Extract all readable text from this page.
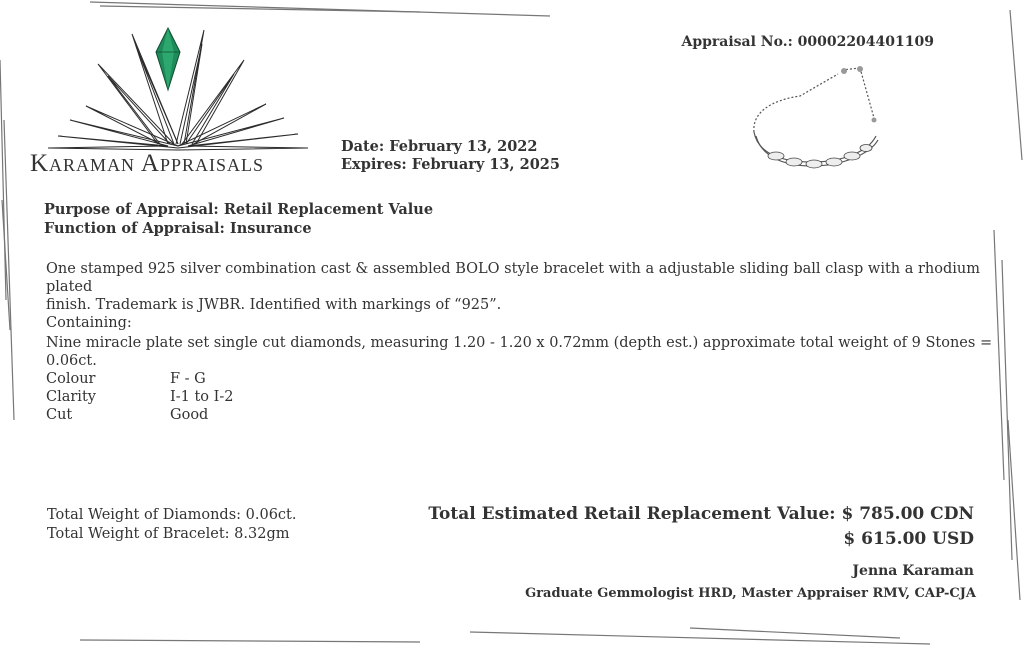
Karaman Appraisals
Appraisal No.: 00002204401109
Date: February 13, 2022
Expires: February 13, 2025
Purpose of Appraisal: Retail Replacement Value
Function of Appraisal: Insurance

One stamped 925 silver combination cast & assembled BOLO style bracelet with a adjustable sliding ball clasp with a rhodium plated

finish. Trademark is JWBR. Identified with markings of “925”.

Containing:

Nine miracle plate set single cut diamonds, measuring 1.20 - 1.20 x 0.72mm (depth est.) approximate total weight of 9 Stones = 0.06ct.
Colour	F - G
Clarity	I-1 to I-2
Cut	Good
Total Weight of Diamonds: 0.06ct.
Total Weight of Bracelet: 8.32gm
Total Estimated Retail Replacement Value: $ 785.00 CDN
$ 615.00 USD
Jenna Karaman
Graduate Gemmologist HRD, Master Appraiser RMV, CAP-CJA
